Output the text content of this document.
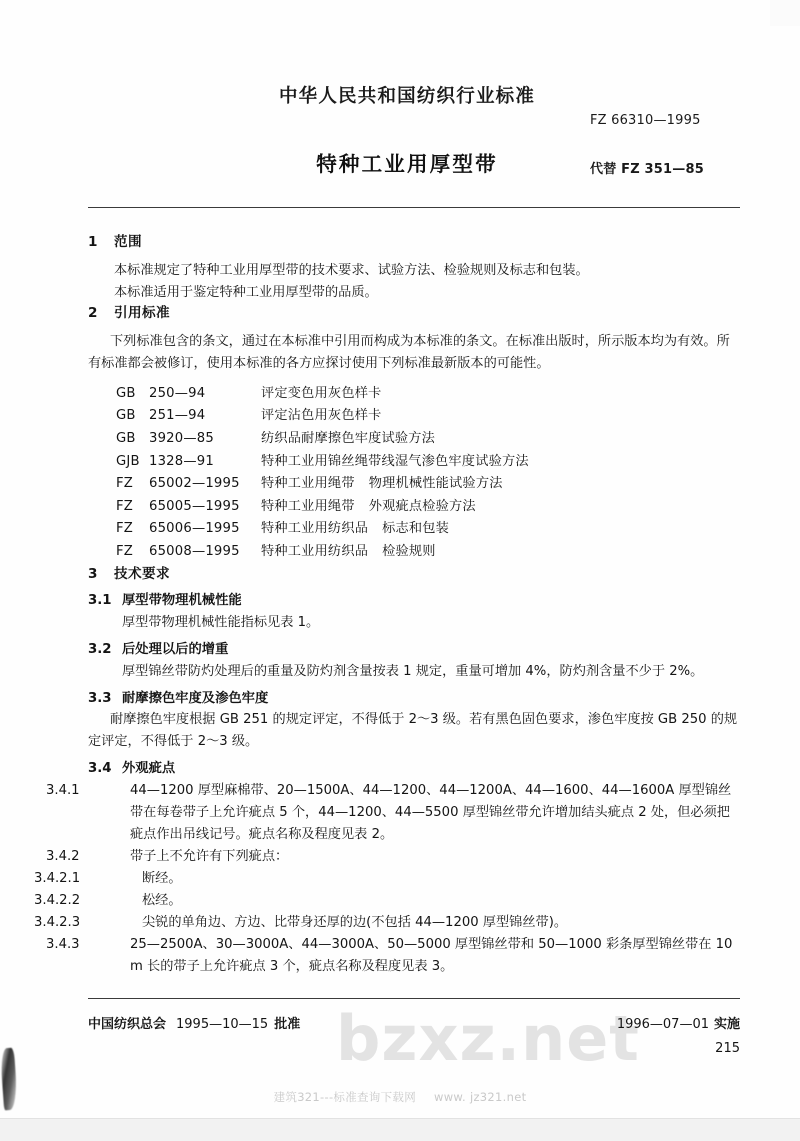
bzxz.net
中华人民共和国纺织行业标准
特种工业用厚型带
FZ 66310—1995
代替 FZ 351—85
1 范围

本标准规定了特种工业用厚型带的技术要求、试验方法、检验规则及标志和包装。

本标准适用于鉴定特种工业用厚型带的品质。

2 引用标准

下列标准包含的条文，通过在本标准中引用而构成为本标准的条文。在标准出版时，所示版本均为有效。所有标准都会被修订，使用本标准的各方应探讨使用下列标准最新版本的可能性。

GB 250—94	评定变色用灰色样卡
GB 251—94	评定沾色用灰色样卡
GB 3920—85	纺织品耐摩擦色牢度试验方法
GJB 1328—91	特种工业用锦丝绳带线湿气渗色牢度试验方法
FZ 65002—1995	特种工业用绳带 物理机械性能试验方法
FZ 65005—1995	特种工业用绳带 外观疵点检验方法
FZ 65006—1995	特种工业用纺织品 标志和包装
FZ 65008—1995	特种工业用纺织品 检验规则
3 技术要求
3.1 厚型带物理机械性能
厚型带物理机械性能指标见表 1。
3.2 后处理以后的增重
厚型锦丝带防灼处理后的重量及防灼剂含量按表 1 规定，重量可增加 4%，防灼剂含量不少于 2%。
3.3 耐摩擦色牢度及渗色牢度
耐摩擦色牢度根据 GB 251 的规定评定，不得低于 2～3 级。若有黑色固色要求，渗色牢度按 GB 250 的规定评定，不得低于 2～3 级。
3.4 外观疵点
3.4.1	44—1200 厚型麻棉带、20—1500A、44—1200、44—1200A、44—1600、44—1600A 厚型锦丝带在每卷带子上允许疵点 5 个，44—1200、44—5500 厚型锦丝带允许增加结头疵点 2 处，但必须把疵点作出吊线记号。疵点名称及程度见表 2。
3.4.2	带子上不允许有下列疵点：
3.4.2.1	断经。
3.4.2.2	松经。
3.4.2.3	尖锐的单角边、方边、比带身还厚的边(不包括 44—1200 厚型锦丝带)。
3.4.3	25—2500A、30—3000A、44—3000A、50—5000 厚型锦丝带和 50—1000 彩条厚型锦丝带在 10 m 长的带子上允许疵点 3 个，疵点名称及程度见表 3。
中国纺织总会 1995—10—15 批准	1996—07—01 实施
215
建筑321---标准查询下载网 www. jz321.net
